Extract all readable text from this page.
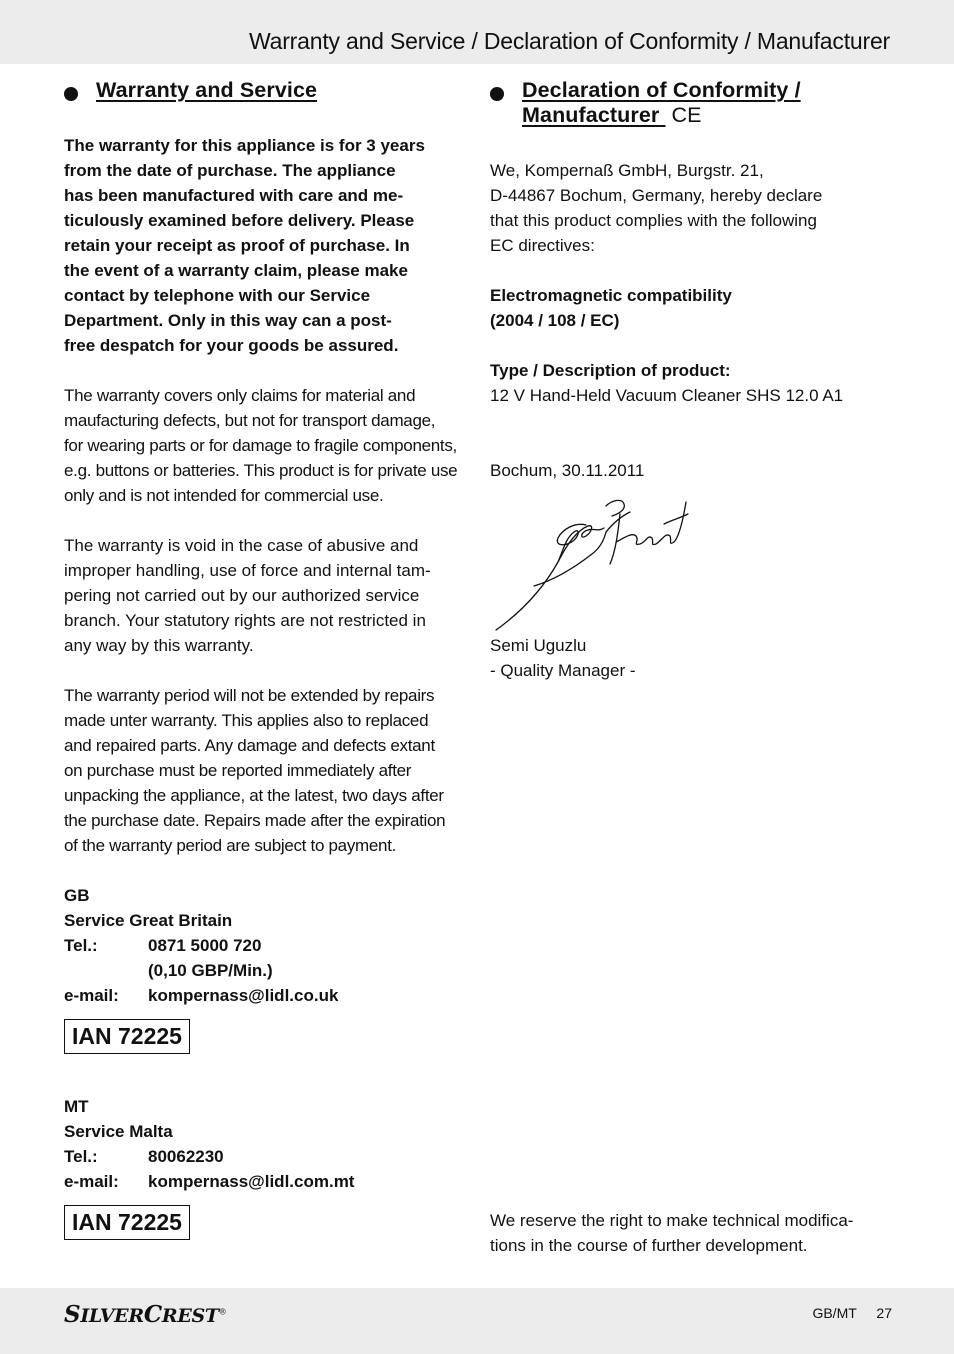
Warranty and Service / Declaration of Conformity / Manufacturer
Warranty and Service
The warranty for this appliance is for 3 years
from the date of purchase. The appliance
has been manufactured with care and me-
ticulously examined before delivery. Please
retain your receipt as proof of purchase. In
the event of a warranty claim, please make
contact by telephone with our Service
Department. Only in this way can a post-
free despatch for your goods be assured.
The warranty covers only claims for material and
maufacturing defects, but not for transport damage,
for wearing parts or for damage to fragile components,
e.g. buttons or batteries. This product is for private use
only and is not intended for commercial use.
The warranty is void in the case of abusive and
improper handling, use of force and internal tam-
pering not carried out by our authorized service
branch. Your statutory rights are not restricted in
any way by this warranty.
The warranty period will not be extended by repairs
made unter warranty. This applies also to replaced
and repaired parts. Any damage and defects extant
on purchase must be reported immediately after
unpacking the appliance, at the latest, two days after
the purchase date. Repairs made after the expiration
of the warranty period are subject to payment.
GB
Service Great Britain
Tel.:	0871 5000 720
(0,10 GBP/Min.)
e-mail:	kompernass@lidl.co.uk
IAN 72225
MT
Service Malta
Tel.:	80062230
e-mail:	kompernass@lidl.com.mt
IAN 72225
Declaration of Conformity /
Manufacturer CE
We, Kompernaß GmbH, Burgstr. 21,
D-44867 Bochum, Germany, hereby declare
that this product complies with the following
EC directives:
Electromagnetic compatibility
(2004 / 108 / EC)
Type / Description of product:
12 V Hand-Held Vacuum Cleaner SHS 12.0 A1
Bochum, 30.11.2011
Semi Uguzlu
- Quality Manager -
We reserve the right to make technical modifica-
tions in the course of further development.
SILVERCREST®	GB/MT 27
